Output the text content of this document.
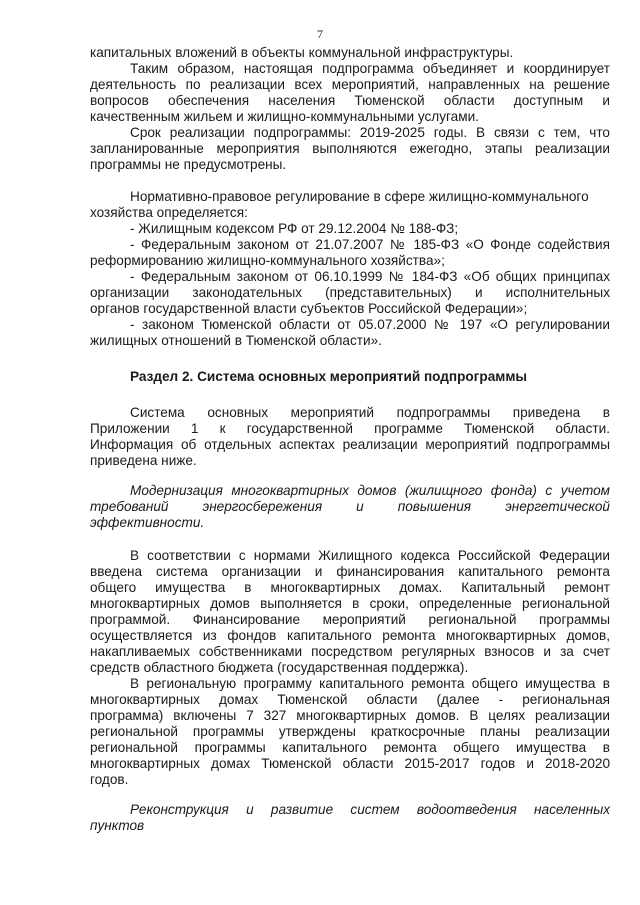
7

капитальных вложений в объекты коммунальной инфраструктуры.

Таким образом, настоящая подпрограмма объединяет и координирует
деятельность по реализации всех мероприятий, направленных на решение
вопросов обеспечения населения Тюменской области доступным и
качественным жильем и жилищно-коммунальными услугами.

Срок реализации подпрограммы: 2019-2025 годы. В связи с тем, что
запланированные мероприятия выполняются ежегодно, этапы реализации
программы не предусмотрены.

Нормативно-правовое регулирование в сфере жилищно-коммунального
хозяйства определяется:

- Жилищным кодексом РФ от 29.12.2004 № 188-ФЗ;

- Федеральным законом от 21.07.2007 № 185-ФЗ «О Фонде содействия
реформированию жилищно-коммунального хозяйства»;

- Федеральным законом от 06.10.1999 № 184-ФЗ «Об общих принципах
организации законодательных (представительных) и исполнительных
органов государственной власти субъектов Российской Федерации»;

- законом Тюменской области от 05.07.2000 № 197 «О регулировании
жилищных отношений в Тюменской области».

Раздел 2. Система основных мероприятий подпрограммы

Система основных мероприятий подпрограммы приведена в
Приложении 1 к государственной программе Тюменской области.
Информация об отдельных аспектах реализации мероприятий подпрограммы
приведена ниже.

Модернизация многоквартирных домов (жилищного фонда) с учетом
требований энергосбережения и повышения энергетической
эффективности.

В соответствии с нормами Жилищного кодекса Российской Федерации
введена система организации и финансирования капитального ремонта
общего имущества в многоквартирных домах. Капитальный ремонт
многоквартирных домов выполняется в сроки, определенные региональной
программой. Финансирование мероприятий региональной программы
осуществляется из фондов капитального ремонта многоквартирных домов,
накапливаемых собственниками посредством регулярных взносов и за счет
средств областного бюджета (государственная поддержка).

В региональную программу капитального ремонта общего имущества в
многоквартирных домах Тюменской области (далее - региональная
программа) включены 7 327 многоквартирных домов. В целях реализации
региональной программы утверждены краткосрочные планы реализации
региональной программы капитального ремонта общего имущества в
многоквартирных домах Тюменской области 2015-2017 годов и 2018-2020
годов.

Реконструкция и развитие систем водоотведения населенных
пунктов
